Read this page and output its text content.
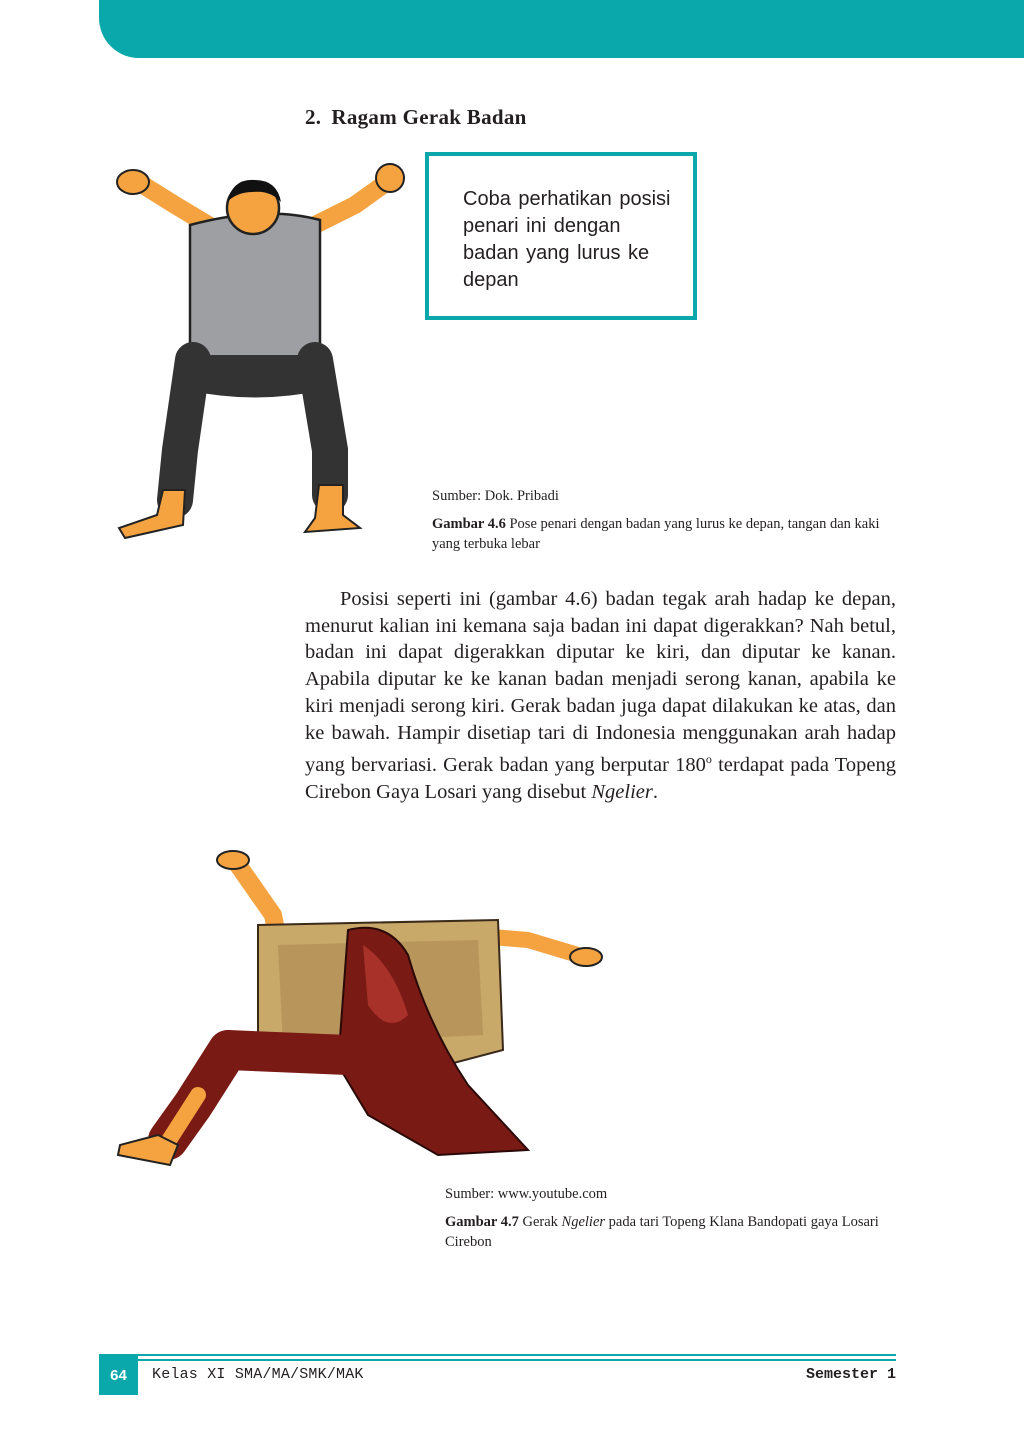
2. Ragam Gerak Badan
Coba perhatikan posisi penari ini dengan badan yang lurus ke depan
Sumber: Dok. Pribadi
Gambar 4.6 Pose penari dengan badan yang lurus ke depan, tangan dan kaki yang terbuka lebar

Posisi seperti ini (gambar 4.6) badan tegak arah hadap ke depan, menurut kalian ini kemana saja badan ini dapat digerakkan? Nah betul, badan ini dapat digerakkan diputar ke kiri, dan diputar ke kanan. Apabila diputar ke ke kanan badan menjadi serong kanan, apabila ke kiri menjadi serong kiri. Gerak badan juga dapat dilakukan ke atas, dan ke bawah. Hampir disetiap tari di Indonesia menggunakan arah hadap yang bervariasi. Gerak badan yang berputar 180$^o$ terdapat pada Topeng Cirebon Gaya Losari yang disebut Ngelier.

Sumber: www.youtube.com
Gambar 4.7 Gerak Ngelier pada tari Topeng Klana Bandopati gaya Losari Cirebon
64	Kelas XI SMA/MA/SMK/MAK	Semester 1
